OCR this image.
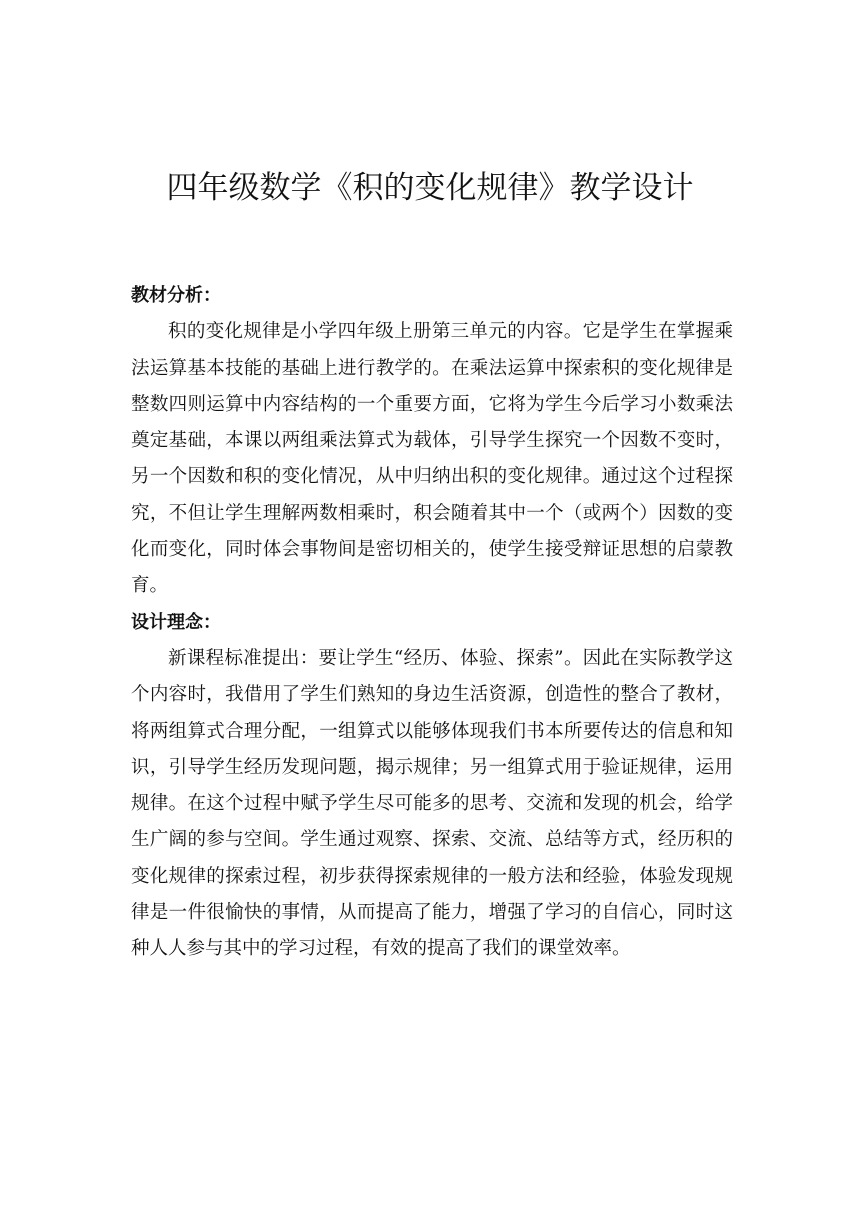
四年级数学《积的变化规律》教学设计

教材分析：

积的变化规律是小学四年级上册第三单元的内容。它是学生在掌握乘法运算基本技能的基础上进行教学的。在乘法运算中探索积的变化规律是整数四则运算中内容结构的一个重要方面，它将为学生今后学习小数乘法奠定基础，本课以两组乘法算式为载体，引导学生探究一个因数不变时，另一个因数和积的变化情况，从中归纳出积的变化规律。通过这个过程探究，不但让学生理解两数相乘时，积会随着其中一个（或两个）因数的变化而变化，同时体会事物间是密切相关的，使学生接受辩证思想的启蒙教育。

设计理念：

新课程标准提出：要让学生“经历、体验、探索”。因此在实际教学这个内容时，我借用了学生们熟知的身边生活资源，创造性的整合了教材，将两组算式合理分配，一组算式以能够体现我们书本所要传达的信息和知识，引导学生经历发现问题，揭示规律；另一组算式用于验证规律，运用规律。在这个过程中赋予学生尽可能多的思考、交流和发现的机会，给学生广阔的参与空间。学生通过观察、探索、交流、总结等方式，经历积的变化规律的探索过程，初步获得探索规律的一般方法和经验，体验发现规律是一件很愉快的事情，从而提高了能力，增强了学习的自信心，同时这种人人参与其中的学习过程，有效的提高了我们的课堂效率。
